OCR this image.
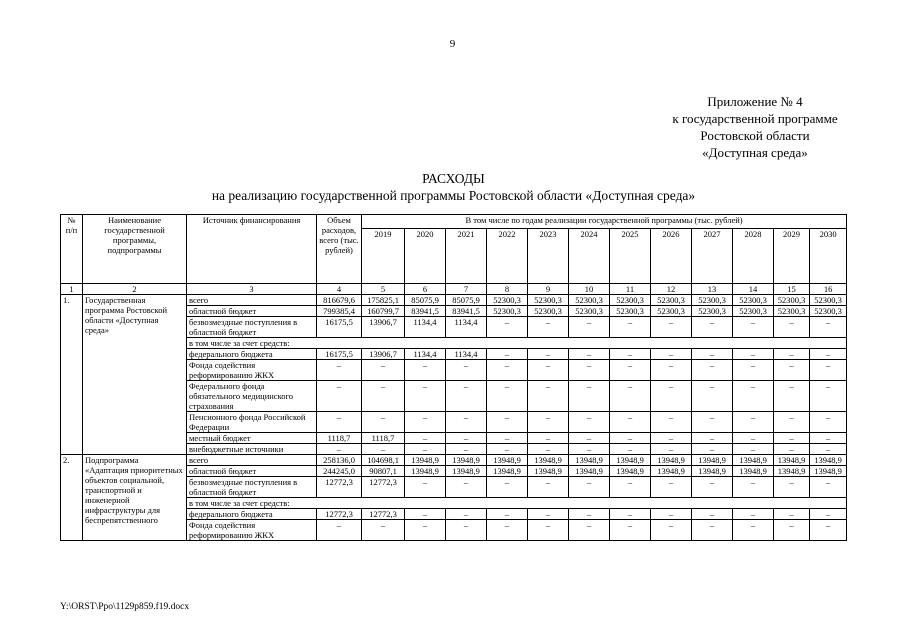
9
Приложение № 4
к государственной программе
Ростовской области
«Доступная среда»
РАСХОДЫ
на реализацию государственной программы Ростовской области «Доступная среда»
№ п/п	Наименование государственной программы, подпрограммы	Источник финансирования	Объем расходов, всего (тыс. рублей)	В том числе по годам реализации государственной программы (тыс. рублей)											
				2019	2020	2021	2022	2023	2024	2025	2026	2027	2028	2029	2030
1	2	3	4	5	6	7	8	9	10	11	12	13	14	15	16
1.	Государственная программа Ростовской области «Доступная среда»	всего	816679,6	175825,1	85075,9	85075,9	52300,3	52300,3	52300,3	52300,3	52300,3	52300,3	52300,3	52300,3	52300,3
		областной бюджет	799385,4	160799,7	83941,5	83941,5	52300,3	52300,3	52300,3	52300,3	52300,3	52300,3	52300,3	52300,3	52300,3
		безвозмездные поступления в областной бюджет	16175,5	13906,7	1134,4	1134,4	–	–	–	–	–	–	–	–	–
		в том числе за счет средств:													
		федерального бюджета	16175,5	13906,7	1134,4	1134,4	–	–	–	–	–	–	–	–	–
		Фонда содействия реформированию ЖКХ	–	–	–	–	–	–	–	–	–	–	–	–	–
		Федерального фонда обязательного медицинского страхования	–	–	–	–	–	–	–	–	–	–	–	–	–
		Пенсионного фонда Российской Федерации	–	–	–	–	–	–	–	–	–	–	–	–	–
		местный бюджет	1118,7	1118,7	–	–	–	–	–	–	–	–	–	–	–
		внебюджетные источники	–	–	–	–	–	–	–	–	–	–	–	–	–
2.	Подпрограмма «Адаптация приоритетных объектов социальной, транспортной и инженерной инфраструктуры для беспрепятственного	всего	258136,0	104698,1	13948,9	13948,9	13948,9	13948,9	13948,9	13948,9	13948,9	13948,9	13948,9	13948,9	13948,9
		областной бюджет	244245,0	90807,1	13948,9	13948,9	13948,9	13948,9	13948,9	13948,9	13948,9	13948,9	13948,9	13948,9	13948,9
		безвозмездные поступления в областной бюджет	12772,3	12772,3	–	–	–	–	–	–	–	–	–	–	–
		в том числе за счет средств:													
		федерального бюджета	12772,3	12772,3	–	–	–	–	–	–	–	–	–	–	–
		Фонда содействия реформированию ЖКХ	–	–	–	–	–	–	–	–	–	–	–	–	–
Y:\ORST\Ppo\1129p859.f19.docx
